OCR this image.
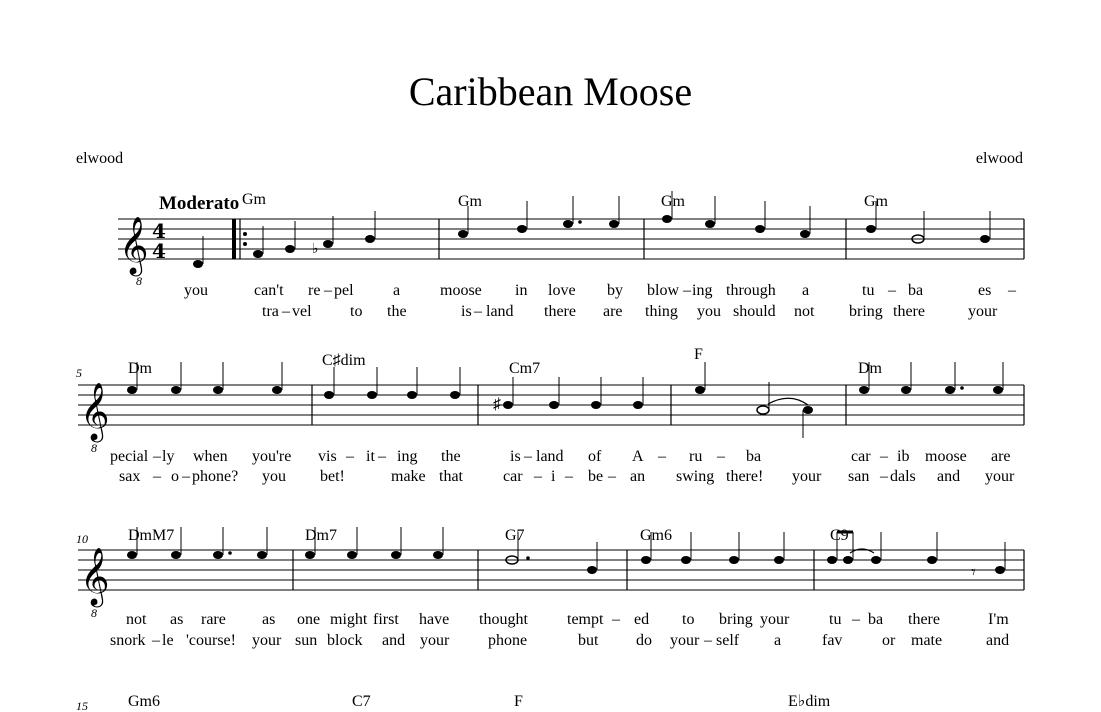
Caribbean Moose
elwood	elwood
𝄞
8
4
4
Moderato
♭
𝄞
8
♯
𝄞
8
𝄾
Gm	Gm	Gm	Gm
5	Dm	C♯dim	Cm7
F
Dm
10	DmM7	Dm7	G7	Gm6	C9
15	Gm6	C7	F	E♭dim
you	can't re – pel a moose in love by blow – ing through a	tu – ba	es –
tra – vel to the	is – land there are thing you should not bring there	your
pecial – ly when you're vis – it – ing the	is – land of A – ru – ba	car – ib moose are
sax – o – phone? you bet!	make that	car – i – be – an swing there! your san – dals and your
not as rare as one might first have thought tempt – ed to bring your tu – ba there	I'm
snork – le 'course! your sun block and your phone	but do your – self a	fav or mate	and
